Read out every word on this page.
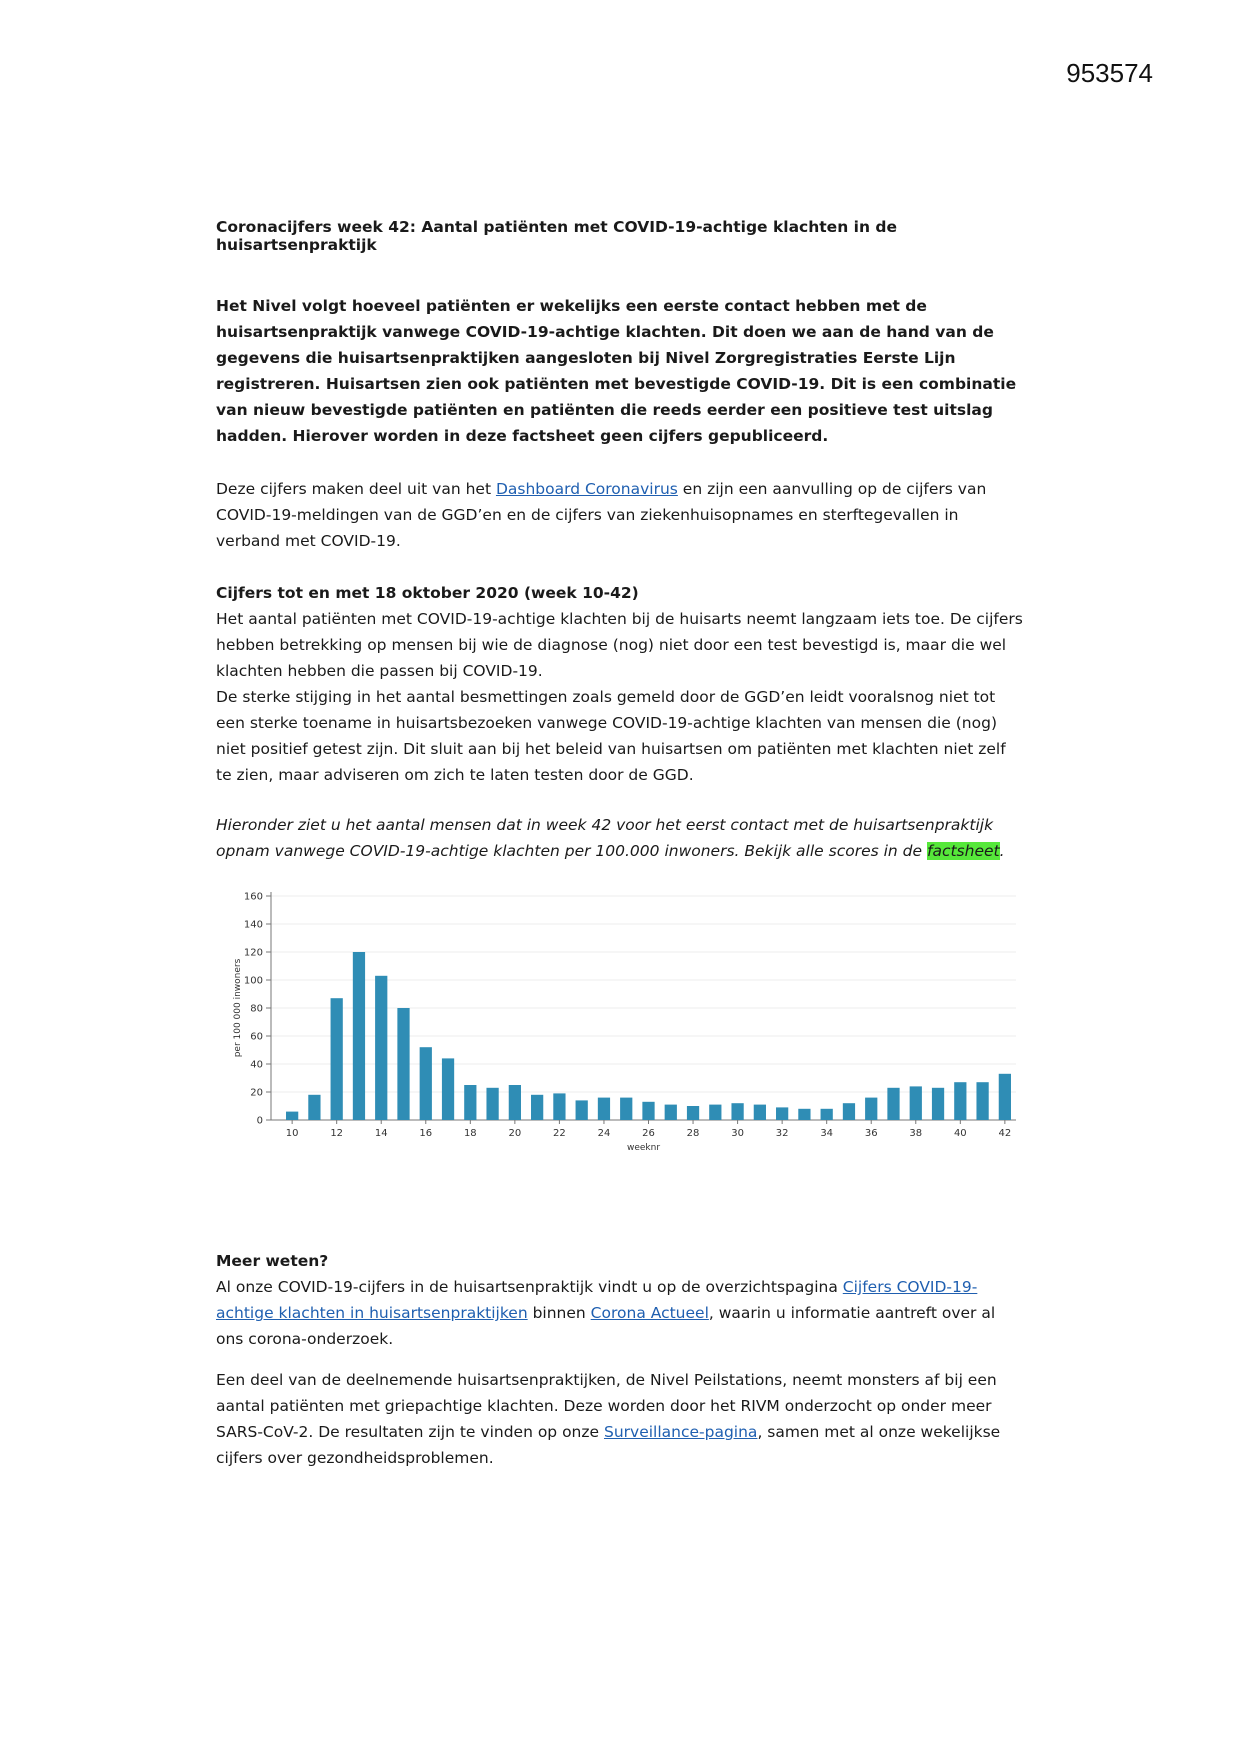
953574
Coronacijfers week 42: Aantal patiënten met COVID-19-achtige klachten in de huisartsenpraktijk

Het Nivel volgt hoeveel patiënten er wekelijks een eerste contact hebben met de huisartsenpraktijk vanwege COVID-19-achtige klachten. Dit doen we aan de hand van de gegevens die huisartsenpraktijken aangesloten bij Nivel Zorgregistraties Eerste Lijn registreren. Huisartsen zien ook patiënten met bevestigde COVID-19. Dit is een combinatie van nieuw bevestigde patiënten en patiënten die reeds eerder een positieve test uitslag hadden. Hierover worden in deze factsheet geen cijfers gepubliceerd.

Deze cijfers maken deel uit van het Dashboard Coronavirus en zijn een aanvulling op de cijfers van COVID-19-meldingen van de GGD’en en de cijfers van ziekenhuisopnames en sterftegevallen in verband met COVID-19.

Cijfers tot en met 18 oktober 2020 (week 10-42)

Het aantal patiënten met COVID-19-achtige klachten bij de huisarts neemt langzaam iets toe. De cijfers hebben betrekking op mensen bij wie de diagnose (nog) niet door een test bevestigd is, maar die wel klachten hebben die passen bij COVID-19.

De sterke stijging in het aantal besmettingen zoals gemeld door de GGD’en leidt vooralsnog niet tot een sterke toename in huisartsbezoeken vanwege COVID-19-achtige klachten van mensen die (nog) niet positief getest zijn. Dit sluit aan bij het beleid van huisartsen om patiënten met klachten niet zelf te zien, maar adviseren om zich te laten testen door de GGD.

Hieronder ziet u het aantal mensen dat in week 42 voor het eerst contact met de huisartsenpraktijk opnam vanwege COVID-19-achtige klachten per 100.000 inwoners. Bekijk alle scores in de factsheet.

0
20
40
60
80
100
120
140
160
10	12	14	16	18	20	22	24	26	28	30	32	34	36	38	40	42
weeknr
per 100 000 inwoners

Meer weten?

Al onze COVID-19-cijfers in de huisartsenpraktijk vindt u op de overzichtspagina Cijfers COVID-19-achtige klachten in huisartsenpraktijken binnen Corona Actueel, waarin u informatie aantreft over al ons corona-onderzoek.

Een deel van de deelnemende huisartsenpraktijken, de Nivel Peilstations, neemt monsters af bij een aantal patiënten met griepachtige klachten. Deze worden door het RIVM onderzocht op onder meer SARS-CoV-2. De resultaten zijn te vinden op onze Surveillance-pagina, samen met al onze wekelijkse cijfers over gezondheidsproblemen.
